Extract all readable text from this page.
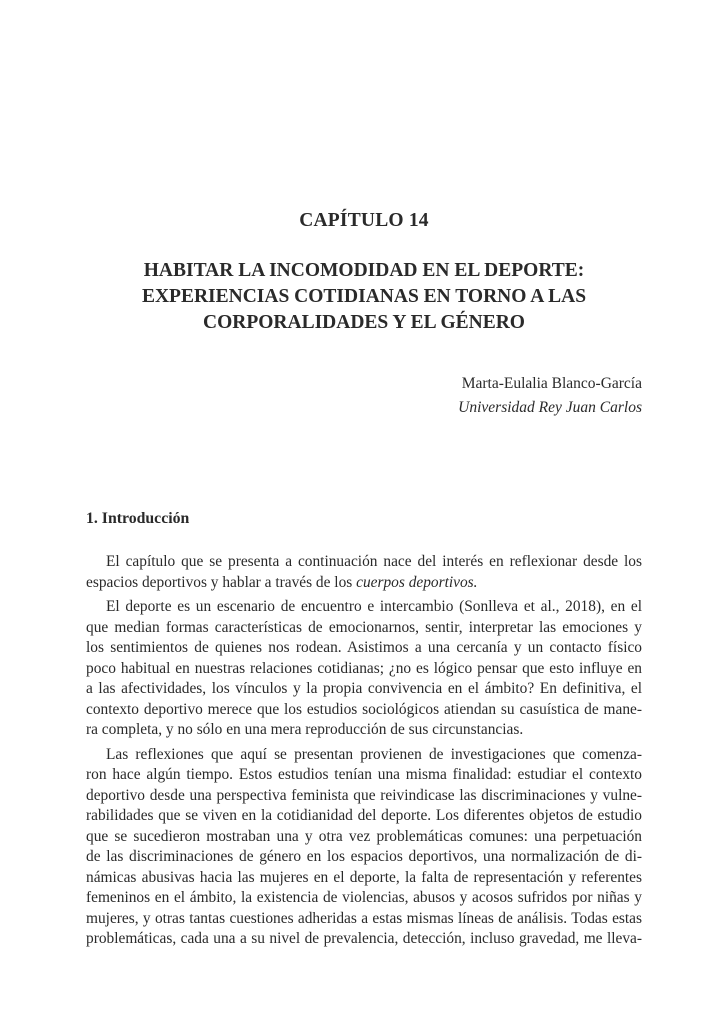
CAPÍTULO 14
HABITAR LA INCOMODIDAD EN EL DEPORTE:
EXPERIENCIAS COTIDIANAS EN TORNO A LAS
CORPORALIDADES Y EL GÉNERO
Marta-Eulalia Blanco-García
Universidad Rey Juan Carlos
1. Introducción
El capítulo que se presenta a continuación nace del interés en reflexionar desde los
espacios deportivos y hablar a través de los cuerpos deportivos.
El deporte es un escenario de encuentro e intercambio (Sonlleva et al., 2018), en el
que median formas características de emocionarnos, sentir, interpretar las emociones y
los sentimientos de quienes nos rodean. Asistimos a una cercanía y un contacto físico
poco habitual en nuestras relaciones cotidianas; ¿no es lógico pensar que esto influye en
a las afectividades, los vínculos y la propia convivencia en el ámbito? En definitiva, el
contexto deportivo merece que los estudios sociológicos atiendan su casuística de mane-
ra completa, y no sólo en una mera reproducción de sus circunstancias.
Las reflexiones que aquí se presentan provienen de investigaciones que comenza-
ron hace algún tiempo. Estos estudios tenían una misma finalidad: estudiar el contexto
deportivo desde una perspectiva feminista que reivindicase las discriminaciones y vulne-
rabilidades que se viven en la cotidianidad del deporte. Los diferentes objetos de estudio
que se sucedieron mostraban una y otra vez problemáticas comunes: una perpetuación
de las discriminaciones de género en los espacios deportivos, una normalización de di-
námicas abusivas hacia las mujeres en el deporte, la falta de representación y referentes
femeninos en el ámbito, la existencia de violencias, abusos y acosos sufridos por niñas y
mujeres, y otras tantas cuestiones adheridas a estas mismas líneas de análisis. Todas estas
problemáticas, cada una a su nivel de prevalencia, detección, incluso gravedad, me lleva-
